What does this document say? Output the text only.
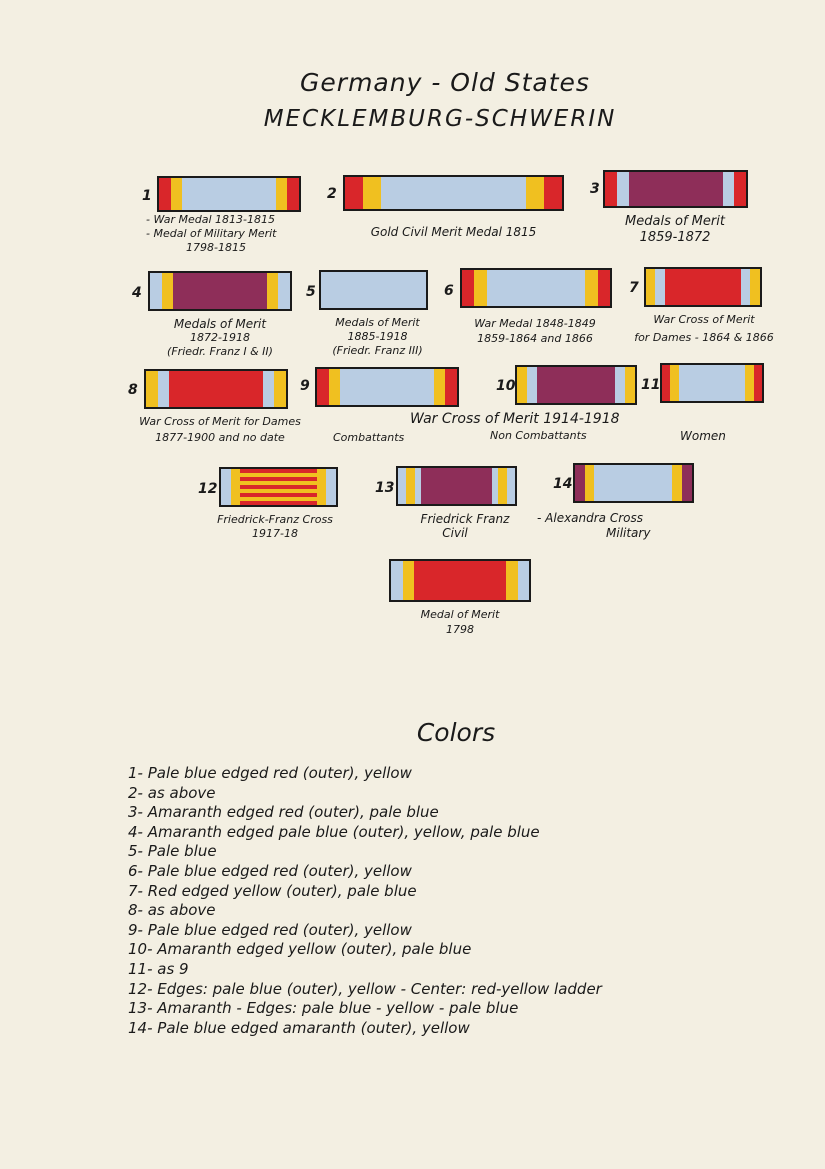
Germany - Old States
MECKLEMBURG-SCHWERIN
1	2	3
4	5	6	7
8	9	10	11
12	13	14
- War Medal 1813-1815
- Medal of Military Merit
1798-1815
Gold Civil Merit Medal 1815
Medals of Merit
1859-1872
Medals of Merit
1872-1918
(Friedr. Franz I & II)
Medals of Merit
1885-1918
(Friedr. Franz III)
War Medal 1848-1849
1859-1864 and 1866
War Cross of Merit
for Dames - 1864 & 1866
War Cross of Merit for Dames
1877-1900 and no date
War Cross of Merit 1914-1918
Combattants	Non Combattants	Women
Friedrick-Franz Cross
1917-18
Friedrick Franz
Civil
- Alexandra Cross
Military
Medal of Merit
1798
Colors
1- Pale blue edged red (outer), yellow
2- as above
3- Amaranth edged red (outer), pale blue
4- Amaranth edged pale blue (outer), yellow, pale blue
5- Pale blue
6- Pale blue edged red (outer), yellow
7- Red edged yellow (outer), pale blue
8- as above
9- Pale blue edged red (outer), yellow
10- Amaranth edged yellow (outer), pale blue
11- as 9
12- Edges: pale blue (outer), yellow - Center: red-yellow ladder
13- Amaranth - Edges: pale blue - yellow - pale blue
14- Pale blue edged amaranth (outer), yellow
